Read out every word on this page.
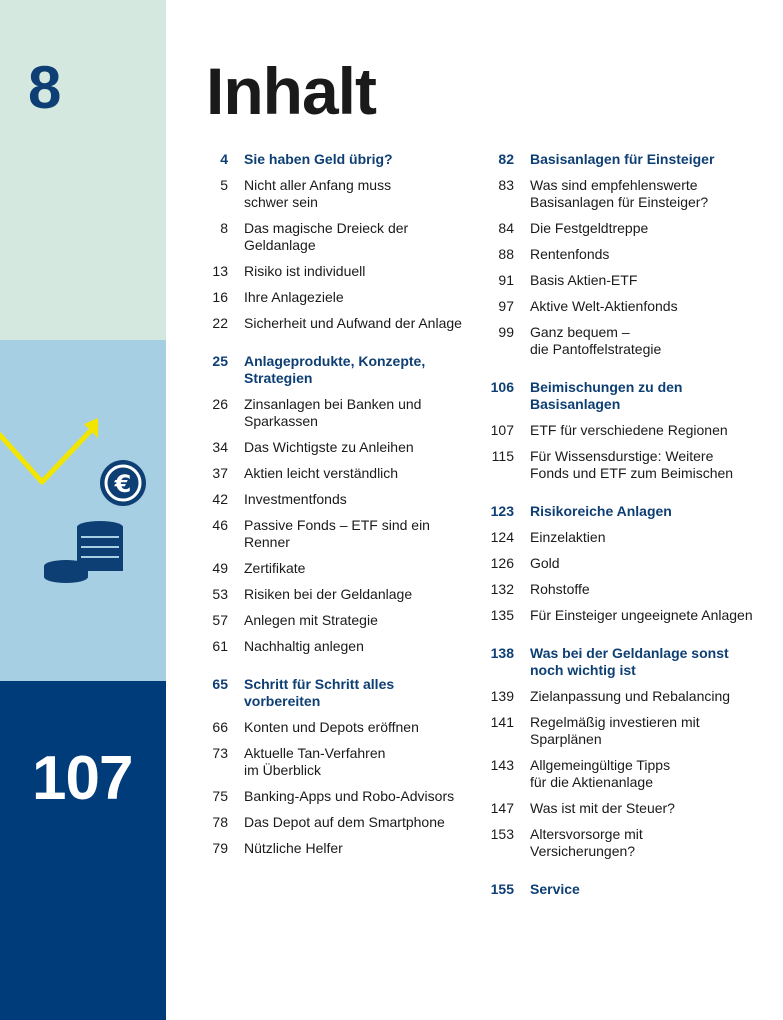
8
€
107
Inhalt
4	Sie haben Geld übrig?
5	Nicht aller Anfang muss
schwer sein
8	Das magische Dreieck der
Geldanlage
13	Risiko ist individuell
16	Ihre Anlageziele
22	Sicherheit und Aufwand der Anlage
25	Anlageprodukte, Konzepte,
Strategien
26	Zinsanlagen bei Banken und
Sparkassen
34	Das Wichtigste zu Anleihen
37	Aktien leicht verständlich
42	Investmentfonds
46	Passive Fonds – ETF sind ein
Renner
49	Zertifikate
53	Risiken bei der Geldanlage
57	Anlegen mit Strategie
61	Nachhaltig anlegen
65	Schritt für Schritt alles
vorbereiten
66	Konten und Depots eröffnen
73	Aktuelle Tan-Verfahren
im Überblick
75	Banking-Apps und Robo-Advisors
78	Das Depot auf dem Smartphone
79	Nützliche Helfer
82	Basisanlagen für Einsteiger
83	Was sind empfehlenswerte
Basisanlagen für Einsteiger?
84	Die Festgeldtreppe
88	Rentenfonds
91	Basis Aktien-ETF
97	Aktive Welt-Aktienfonds
99	Ganz bequem –
die Pantoffelstrategie
106	Beimischungen zu den
Basisanlagen
107	ETF für verschiedene Regionen
115	Für Wissensdurstige: Weitere
Fonds und ETF zum Beimischen
123	Risikoreiche Anlagen
124	Einzelaktien
126	Gold
132	Rohstoffe
135	Für Einsteiger ungeeignete Anlagen
138	Was bei der Geldanlage sonst
noch wichtig ist
139	Zielanpassung und Rebalancing
141	Regelmäßig investieren mit
Sparplänen
143	Allgemeingültige Tipps
für die Aktienanlage
147	Was ist mit der Steuer?
153	Altersvorsorge mit
Versicherungen?
155	Service
